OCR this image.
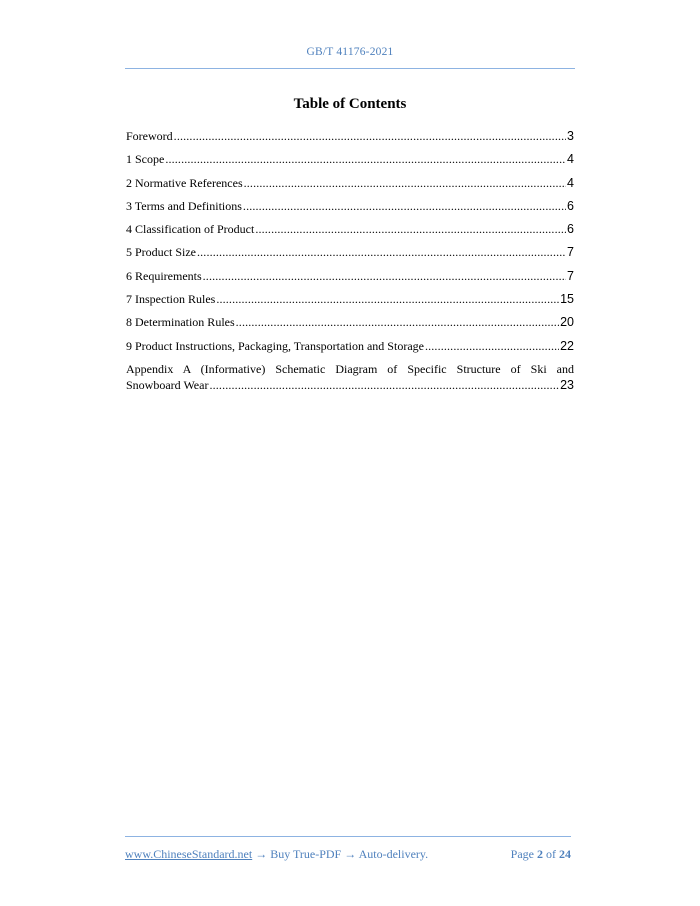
GB/T 41176-2021
Table of Contents
Foreword .....	3
1 Scope .....	4
2 Normative References .....	4
3 Terms and Definitions .....	6
4 Classification of Product .....	6
5 Product Size .....	7
6 Requirements .....	7
7 Inspection Rules .....	15
8 Determination Rules .....	20
9 Product Instructions, Packaging, Transportation and Storage .....	22
Appendix A (Informative) Schematic Diagram of Specific Structure of Ski and
Snowboard Wear .....	23
www.ChineseStandard.net → Buy True-PDF → Auto-delivery.	Page 2 of 24
